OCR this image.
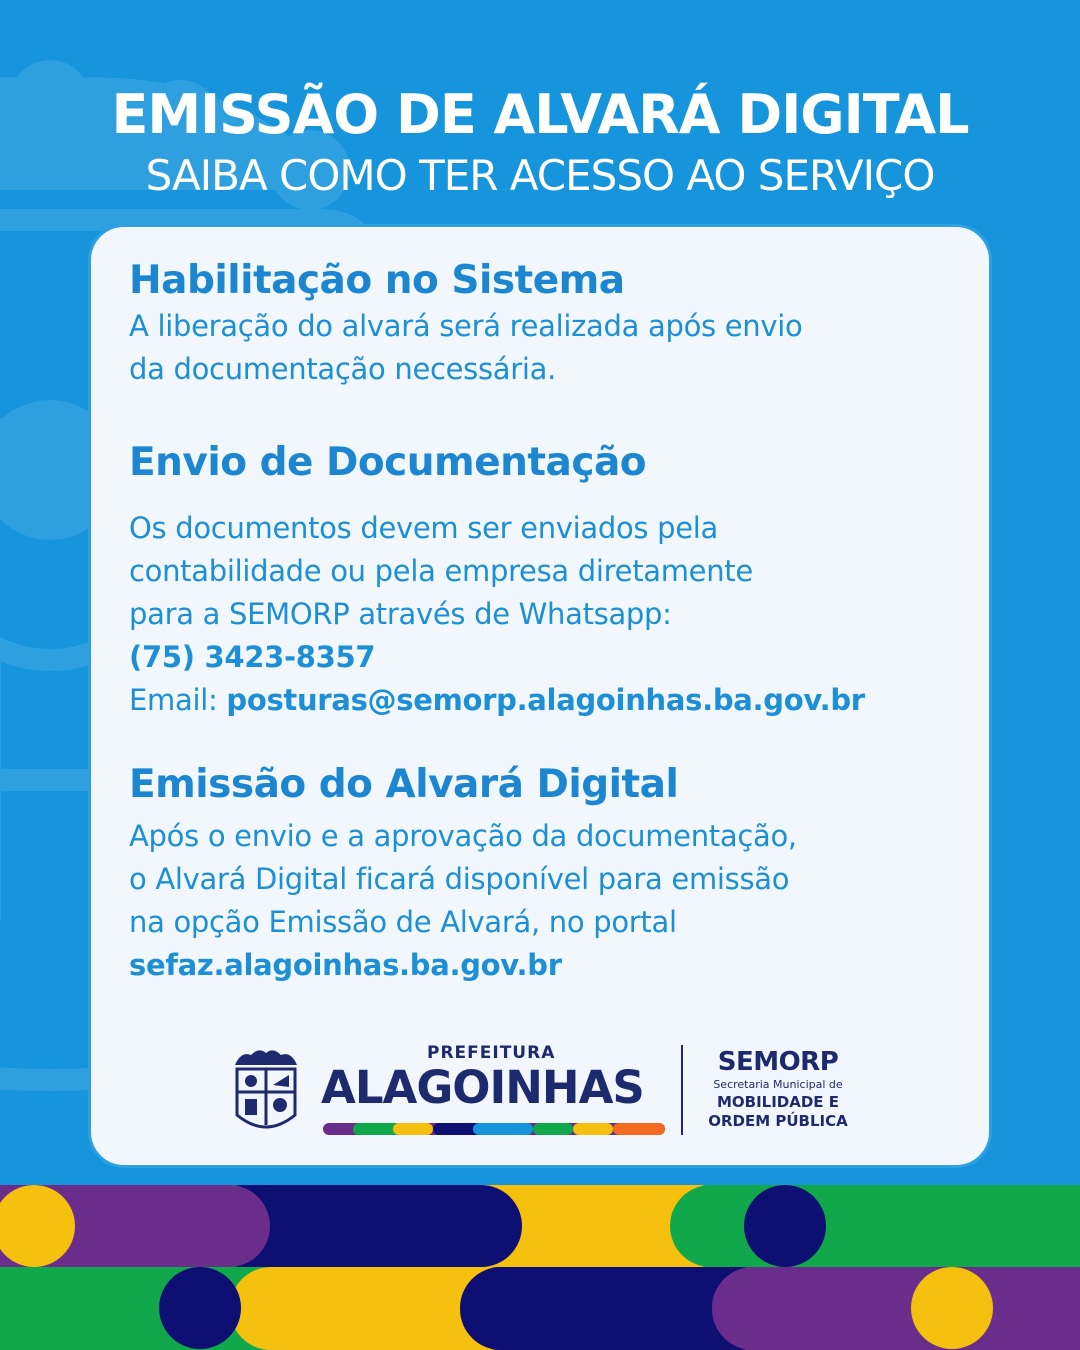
EMISSÃO DE ALVARÁ DIGITAL
SAIBA COMO TER ACESSO AO SERVIÇO
Habilitação no Sistema
A liberação do alvará será realizada após envio
da documentação necessária.
Envio de Documentação
Os documentos devem ser enviados pela
contabilidade ou pela empresa diretamente
para a SEMORP através de Whatsapp:
(75) 3423-8357
Email: posturas@semorp.alagoinhas.ba.gov.br
Emissão do Alvará Digital
Após o envio e a aprovação da documentação,
o Alvará Digital ficará disponível para emissão
na opção Emissão de Alvará, no portal
sefaz.alagoinhas.ba.gov.br
PREFEITURA
ALAGOINHAS	SEMORP
Secretaria Municipal de
MOBILIDADE E
ORDEM PÚBLICA
